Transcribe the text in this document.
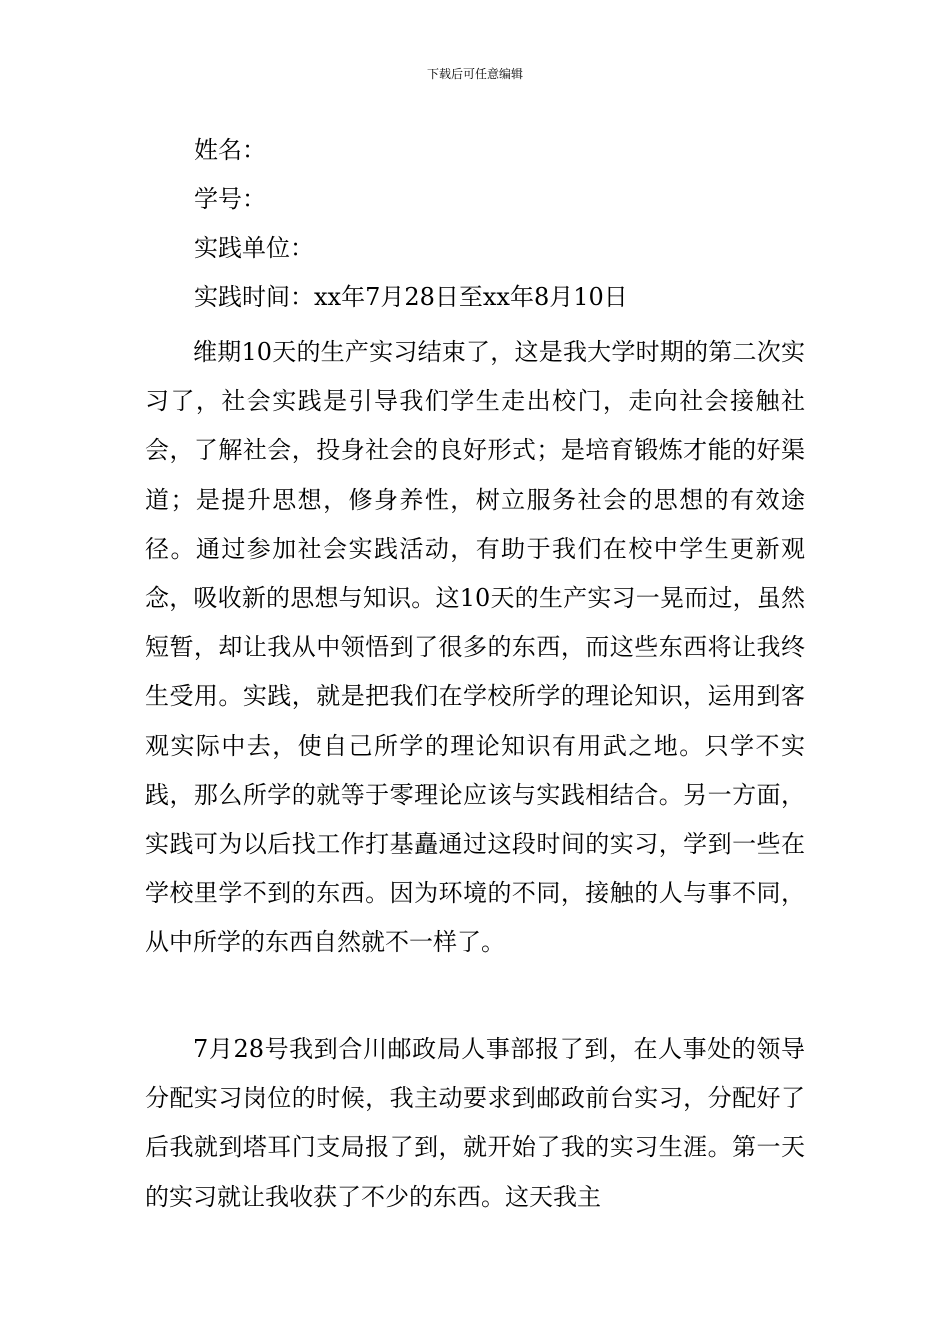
下载后可任意编辑
姓名：
学号：
实践单位：
实践时间：xx年7月28日至xx年8月10日

维期10天的生产实习结束了，这是我大学时期的第二次实习了，社会实践是引导我们学生走出校门，走向社会接触社会，了解社会，投身社会的良好形式；是培育锻炼才能的好渠道；是提升思想，修身养性，树立服务社会的思想的有效途径。通过参加社会实践活动，有助于我们在校中学生更新观念，吸收新的思想与知识。这10天的生产实习一晃而过，虽然短暂，却让我从中领悟到了很多的东西，而这些东西将让我终生受用。实践，就是把我们在学校所学的理论知识，运用到客观实际中去，使自己所学的理论知识有用武之地。只学不实践，那么所学的就等于零理论应该与实践相结合。另一方面，实践可为以后找工作打基矗通过这段时间的实习，学到一些在学校里学不到的东西。因为环境的不同，接触的人与事不同，从中所学的东西自然就不一样了。

7月28号我到合川邮政局人事部报了到，在人事处的领导分配实习岗位的时候，我主动要求到邮政前台实习，分配好了后我就到塔耳门支局报了到，就开始了我的实习生涯。第一天的实习就让我收获了不少的东西。这天我主
